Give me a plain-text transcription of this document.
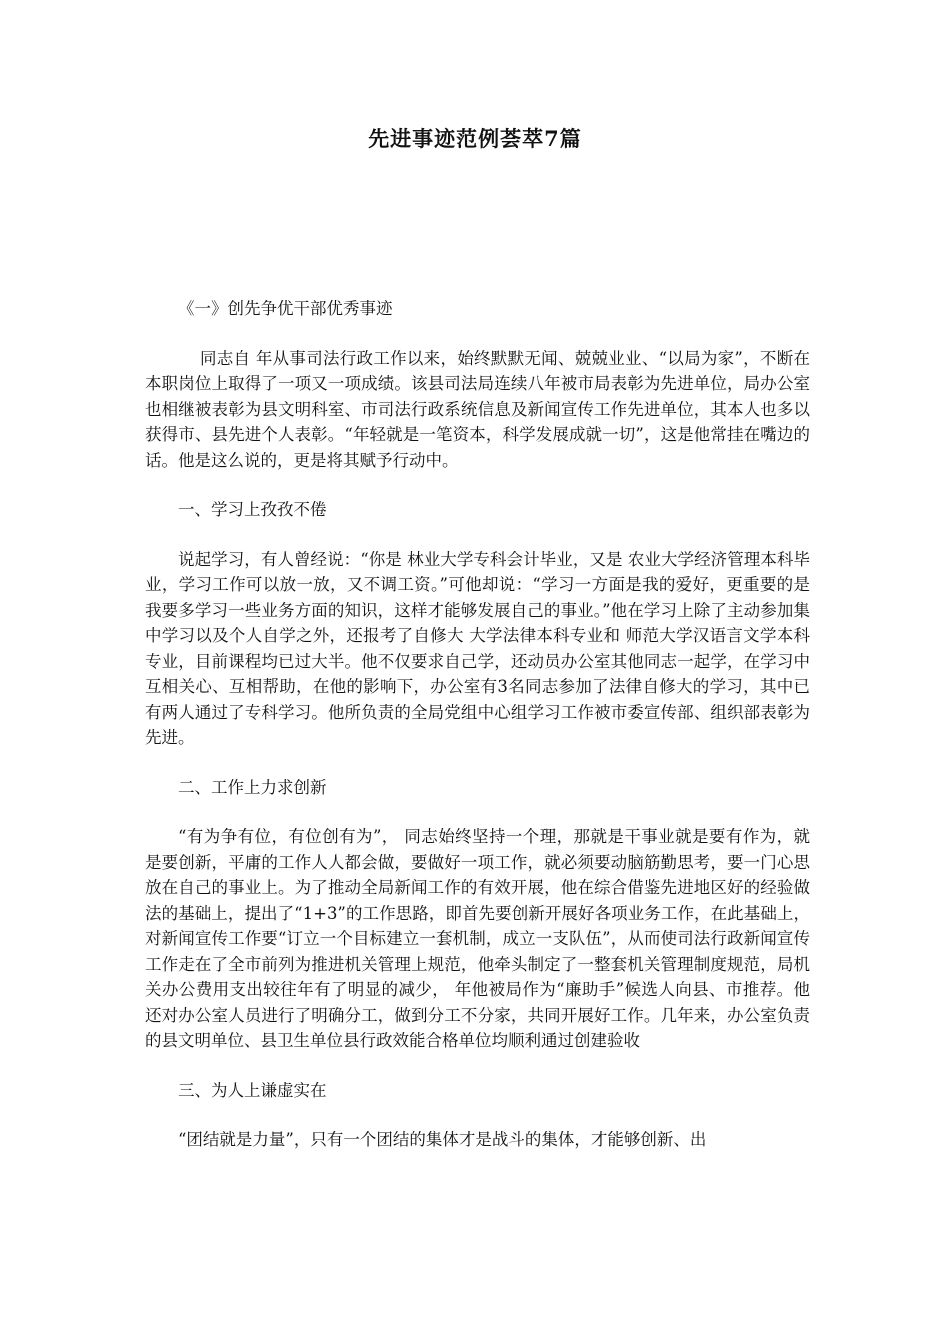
先进事迹范例荟萃7篇

《一》创先争优干部优秀事迹

同志自 年从事司法行政工作以来，始终默默无闻、兢兢业业、“以局为家”，不断在本职岗位上取得了一项又一项成绩。该县司法局连续八年被市局表彰为先进单位，局办公室也相继被表彰为县文明科室、市司法行政系统信息及新闻宣传工作先进单位，其本人也多以获得市、县先进个人表彰。“年轻就是一笔资本，科学发展成就一切”，这是他常挂在嘴边的话。他是这么说的，更是将其赋予行动中。

一、学习上孜孜不倦

说起学习，有人曾经说：“你是 林业大学专科会计毕业，又是 农业大学经济管理本科毕业，学习工作可以放一放，又不调工资。”可他却说：“学习一方面是我的爱好，更重要的是我要多学习一些业务方面的知识，这样才能够发展自己的事业。”他在学习上除了主动参加集中学习以及个人自学之外，还报考了自修大 大学法律本科专业和 师范大学汉语言文学本科专业，目前课程均已过大半。他不仅要求自己学，还动员办公室其他同志一起学，在学习中互相关心、互相帮助，在他的影响下，办公室有3名同志参加了法律自修大的学习，其中已有两人通过了专科学习。他所负责的全局党组中心组学习工作被市委宣传部、组织部表彰为先进。

二、工作上力求创新

“有为争有位，有位创有为”， 同志始终坚持一个理，那就是干事业就是要有作为，就是要创新，平庸的工作人人都会做，要做好一项工作，就必须要动脑筋勤思考，要一门心思放在自己的事业上。为了推动全局新闻工作的有效开展，他在综合借鉴先进地区好的经验做法的基础上，提出了“1+3”的工作思路，即首先要创新开展好各项业务工作，在此基础上，对新闻宣传工作要“订立一个目标建立一套机制，成立一支队伍”，从而使司法行政新闻宣传工作走在了全市前列为推进机关管理上规范，他牵头制定了一整套机关管理制度规范，局机关办公费用支出较往年有了明显的减少， 年他被局作为“廉助手”候选人向县、市推荐。他还对办公室人员进行了明确分工，做到分工不分家，共同开展好工作。几年来，办公室负责的县文明单位、县卫生单位县行政效能合格单位均顺利通过创建验收

三、为人上谦虚实在

“团结就是力量”，只有一个团结的集体才是战斗的集体，才能够创新、出
